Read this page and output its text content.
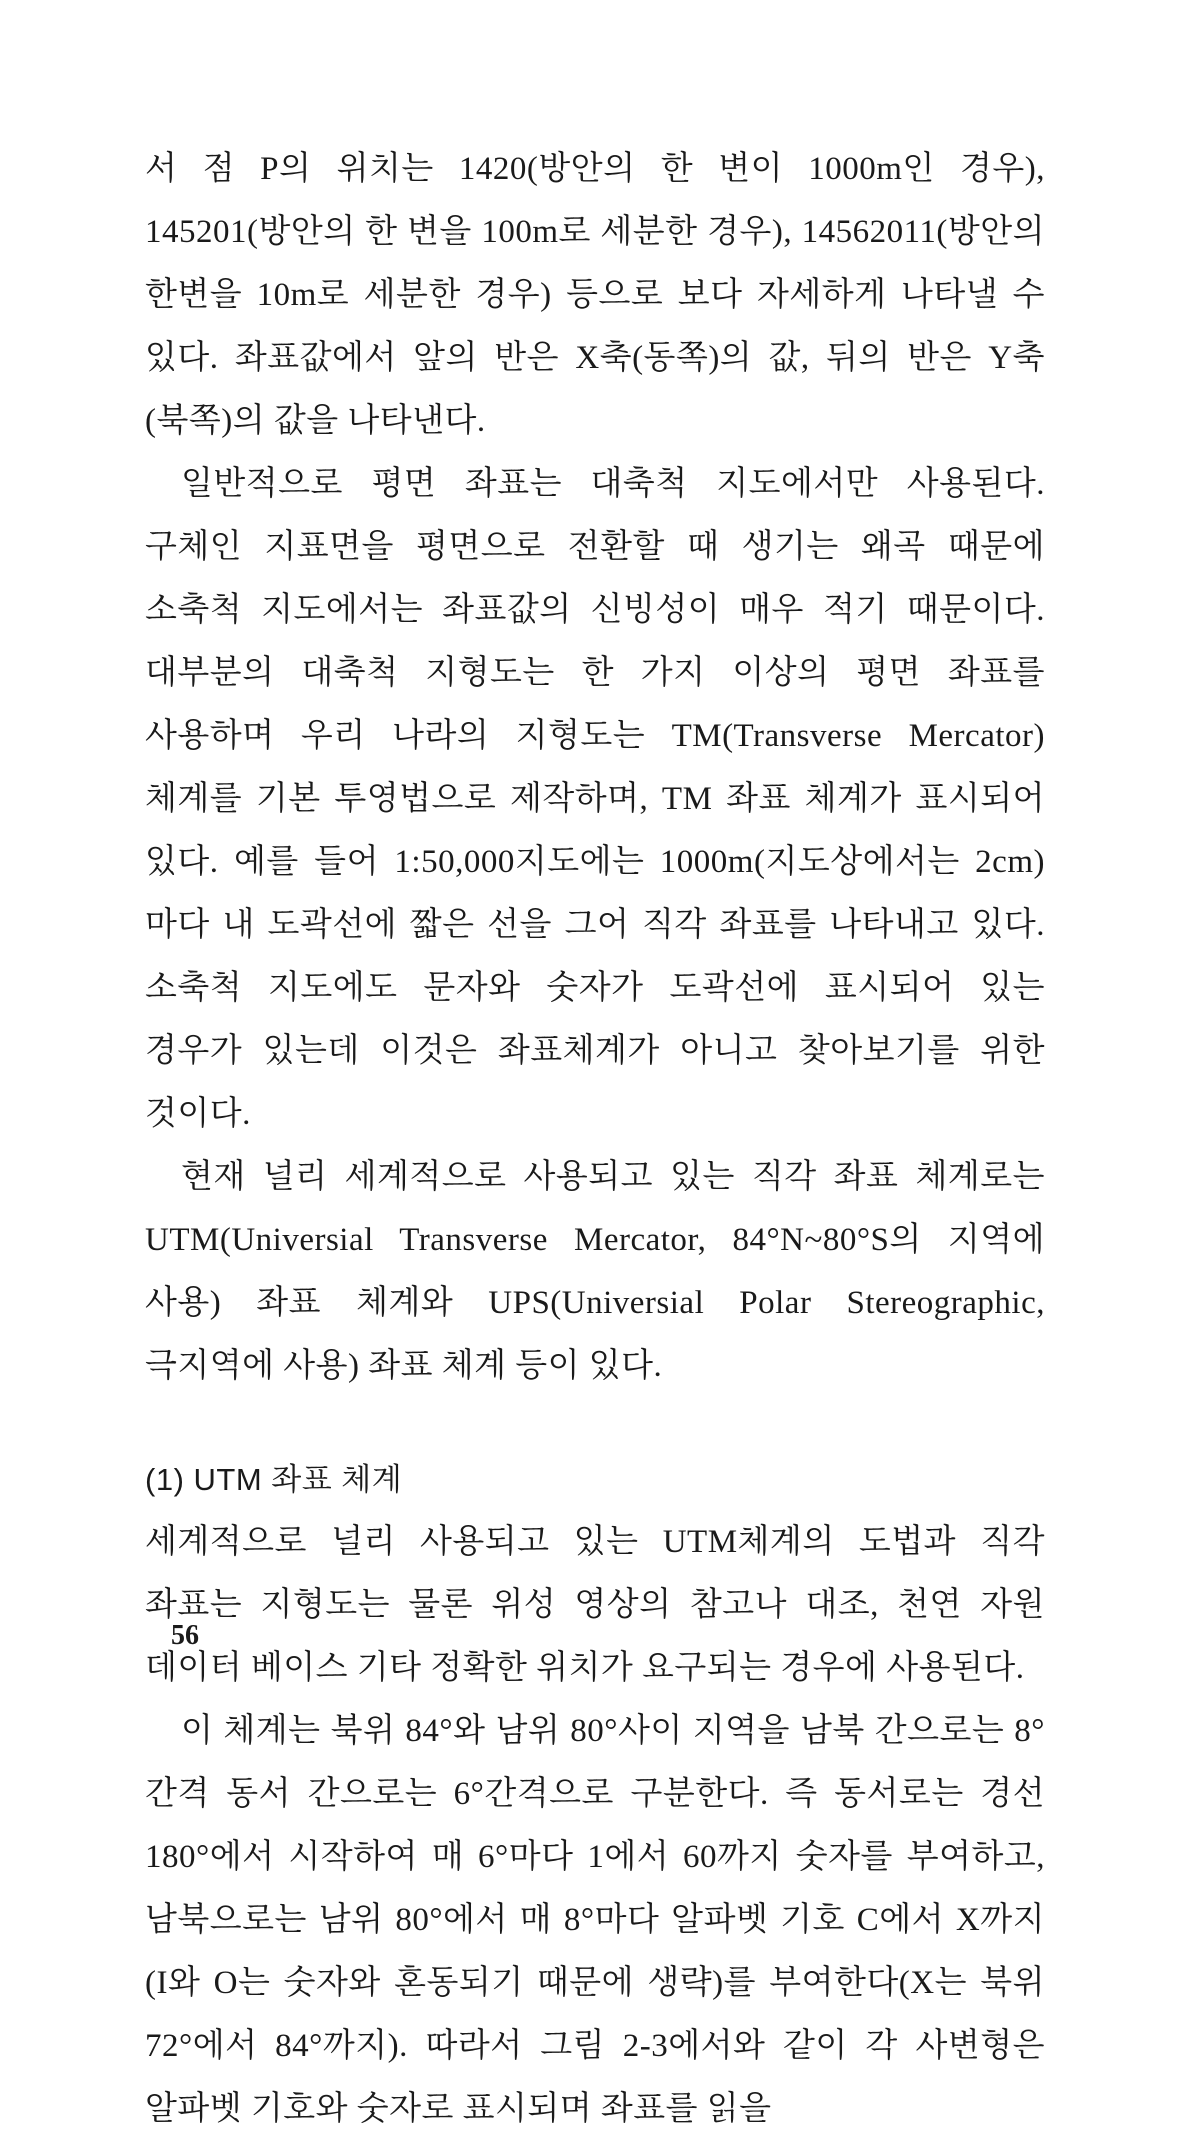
서 점 P의 위치는 1420(방안의 한 변이 1000m인 경우), 145201(방안의 한 변을 100m로 세분한 경우), 14562011(방안의 한변을 10m로 세분한 경우) 등으로 보다 자세하게 나타낼 수 있다. 좌표값에서 앞의 반은 X축(동쪽)의 값, 뒤의 반은 Y축(북쪽)의 값을 나타낸다.

일반적으로 평면 좌표는 대축척 지도에서만 사용된다. 구체인 지표면을 평면으로 전환할 때 생기는 왜곡 때문에 소축척 지도에서는 좌표값의 신빙성이 매우 적기 때문이다. 대부분의 대축척 지형도는 한 가지 이상의 평면 좌표를 사용하며 우리 나라의 지형도는 TM(Transverse Mercator)체계를 기본 투영법으로 제작하며, TM 좌표 체계가 표시되어 있다. 예를 들어 1:50,000지도에는 1000m(지도상에서는 2cm)마다 내 도곽선에 짧은 선을 그어 직각 좌표를 나타내고 있다. 소축척 지도에도 문자와 숫자가 도곽선에 표시되어 있는 경우가 있는데 이것은 좌표체계가 아니고 찾아보기를 위한 것이다.

현재 널리 세계적으로 사용되고 있는 직각 좌표 체계로는 UTM(Universial Transverse Mercator, 84°N~80°S의 지역에 사용) 좌표 체계와 UPS(Universial Polar Stereographic, 극지역에 사용) 좌표 체계 등이 있다.

(1) UTM 좌표 체계

세계적으로 널리 사용되고 있는 UTM체계의 도법과 직각 좌표는 지형도는 물론 위성 영상의 참고나 대조, 천연 자원 데이터 베이스 기타 정확한 위치가 요구되는 경우에 사용된다.

이 체계는 북위 84°와 남위 80°사이 지역을 남북 간으로는 8°간격 동서 간으로는 6°간격으로 구분한다. 즉 동서로는 경선 180°에서 시작하여 매 6°마다 1에서 60까지 숫자를 부여하고, 남북으로는 남위 80°에서 매 8°마다 알파벳 기호 C에서 X까지(I와 O는 숫자와 혼동되기 때문에 생략)를 부여한다(X는 북위 72°에서 84°까지). 따라서 그림 2-3에서와 같이 각 사변형은 알파벳 기호와 숫자로 표시되며 좌표를 읽을

56
